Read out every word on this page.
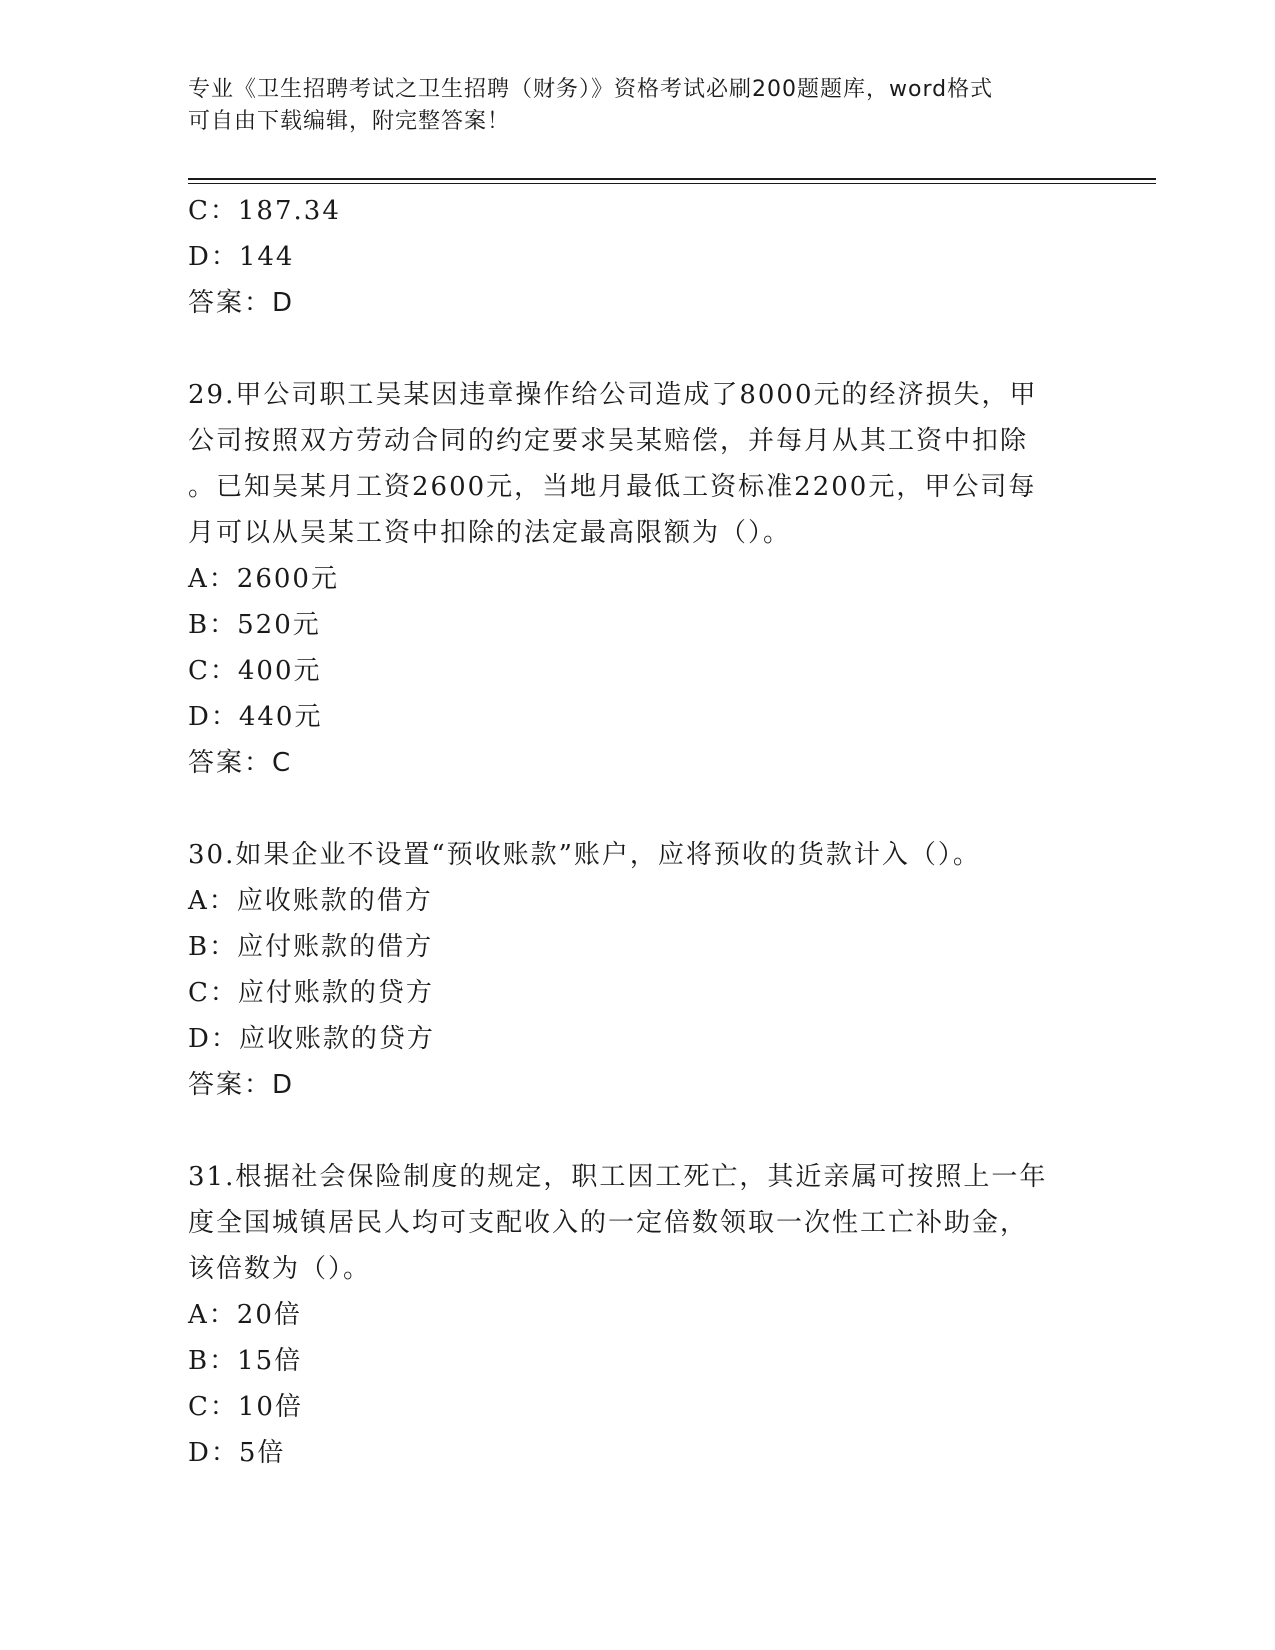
专业《卫生招聘考试之卫生招聘（财务）》资格考试必刷200题题库，word格式
可自由下载编辑，附完整答案！
C：187.34
D：144
答案：D
29.甲公司职工吴某因违章操作给公司造成了8000元的经济损失，甲
公司按照双方劳动合同的约定要求吴某赔偿，并每月从其工资中扣除
。已知吴某月工资2600元，当地月最低工资标准2200元，甲公司每
月可以从吴某工资中扣除的法定最高限额为（）。
A：2600元
B：520元
C：400元
D：440元
答案：C
30.如果企业不设置“预收账款”账户，应将预收的货款计入（）。
A：应收账款的借方
B：应付账款的借方
C：应付账款的贷方
D：应收账款的贷方
答案：D
31.根据社会保险制度的规定，职工因工死亡，其近亲属可按照上一年
度全国城镇居民人均可支配收入的一定倍数领取一次性工亡补助金，
该倍数为（）。
A：20倍
B：15倍
C：10倍
D：5倍
